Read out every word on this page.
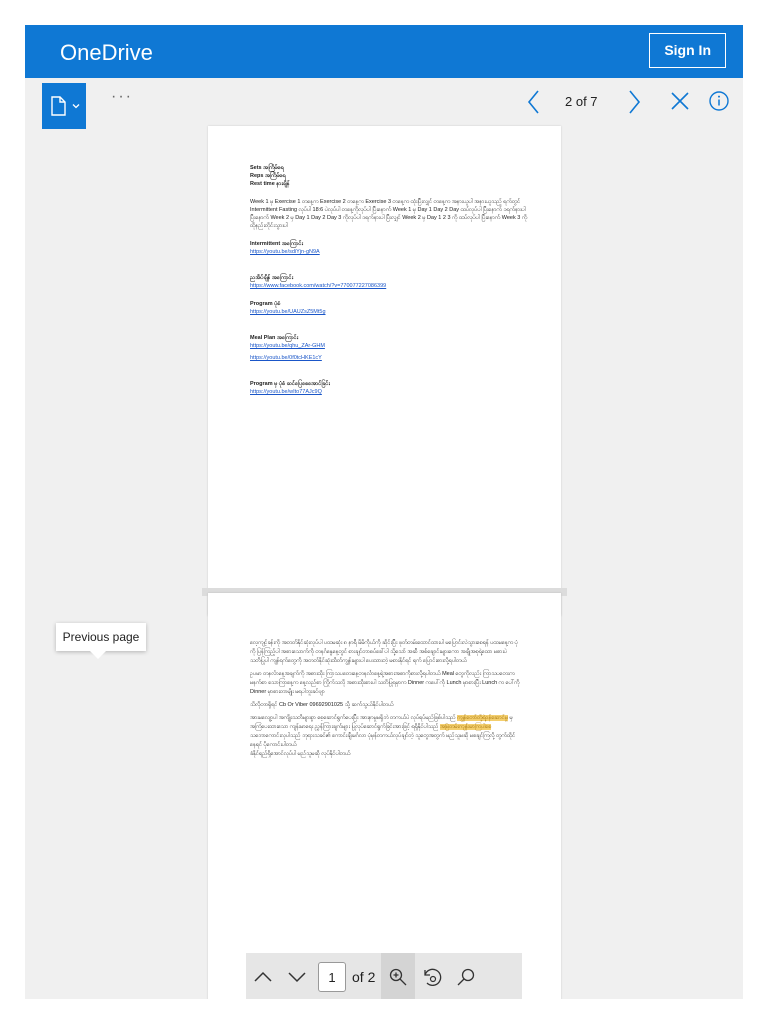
OneDrive	Sign In
···	2 of 7

Sets အကြိမ်ရေ

Reps အကြိမ်ရေ

Rest time နားချိန်

Week 1 မှ Exercise 1 တနေ့က Exercise 2 တနေ့က Exercise 3 တနေ့က ထုံးပြီးလျှင် တနေ့က အနားယူပါ အနားယူသည့် ရက်တွင် Intermittent Fasting လုပ်ပါ 18:6 ပဲလုပ်ပါ တနေ့ကိုလုပ်ပါ ပြီးနောက် Week 1 မှ Day 1 Day 2 Day ထပ်လုပ်ပါ ပြီးနောက် ၁ရက်နားပါ ပြီးနောက် Week 2 မှ Day 1 Day 2 Day 3 ကိုလုပ်ပါ ၁ရက်နားပါ ပြီးလျှင် Week 2 မှ Day 1 2 3 ကို ထပ်လုပ်ပါ ပြီးနောက် Week 3 ကို ထိုနည်းတိုင်းသွားပါ

Intermittent အကြောင်း

https://youtu.be/sdiYjn-gN9A

ညအိပ်ချိန် အကြောင်း

https://www.facebook.com/watch/?v=770077227086399

Program ပုံစံ

https://youtu.be/UAUZsZ5Mt5g

Meal Plan အကြောင်း

https://youtu.be/qhu_ZAr-GHM

https://youtu.be/0f0tcHKE1cY

Program မှ ပုံစံ ဆင်ပြေစေအောင်ခြင်း

https://youtu.be/wIto77AJc9Q

လေ့ကျင့်ခန်းကို အတတ်နိုင်ဆုံးလုပ်ပါ ပထမဆုံး ၈ နာရီ မိမိကိုယ်ကို ဆိုင်းပြီး ဖုတ်တမ်းထောင်ထားပါ မပြောင်းလဲသွားစေရန် ပထမနေ့က ပုံကို ပြန်ကြည့်ပါ အစားသောက်ကို တနင်္ဂနွေနေ့တွင် စားချင်တာစပ်ခေါ်ပါ သို့သော် အဆီ အစ်ချောင်းများကော အချိုအစုရဲ့ထော မစားပဲ သတိပြုပါ ကျန်ရက်တွေကို အတတ်နိုင်ဆုံးထိတ်ကျွန်းများပါ ပေးထားတဲ့ မစားနိုင်ရင် ရက် ပြောင်းစားလို့ရပါတယ်

ဥပမာ တနင်္လာနေ့အချက်ကို အစားထိုး ကြာသပတေးနေ့တနင်္လာနေ့ရဲ့အစားအစာကိုစားလို့ရပါတယ် Meal တွေကိုလည်း ကြာသပတေးက မနက်စာ သောကြာနေ့က နေ့လည်စာ ကြိုက်သလို အစားထိုးစားပါ သတိပြုရမှာက Dinner ကပေါ်ကို Lunch မှာစားပြီး Lunch က ပေါ်ကို Dinner မှာစားတာမျိုး မရပါဘူးခင်ဗျာ

သိလိုတာရှိရင် Cb Or Viber 09692901025 သို့ ဆက်သွယ်နိုင်ပါတယ်

အားမလျော့ပါ အကျိုးသတိများစွာ စေ့ဆောင်ရွက်ပေးပြီး အားနာမှုမရှိဘဲ တကယ်ပဲ လုပ်ရပ်မည်ဖြစ်ပါသည် ကျွန်တော်တို့ရဲ့ဝန်ဆောင်မှု မှ အကြံပေးထားသော ကျန်းမာရေး ညွှန်ကြားချက်များ ပြုလုပ်ဆောင်ရွက်ခြင်းအားဖြင့် ရရှိနိုင်ပါသည် အမြဲတမ်းကျန်းမာကြပါစေ သဘောကောင်းလှပါသည် ဘုရားသခင်၏ ကောင်းချီးမင်္ဂလာ ပုံမှန်တကယ်လုပ်ချင်တဲ့ သူတွေအတွက် မည်သူမဆို မစချင်ကြလို့ တွက်ထိုင်နေရင် ပိုကောင်းပါတယ်
ခံနိုင်ရည်ရှိအောင်လုပ်ပါ မည်သူမဆို လုပ်နိုင်ပါတယ်

Previous page
1	of 2
